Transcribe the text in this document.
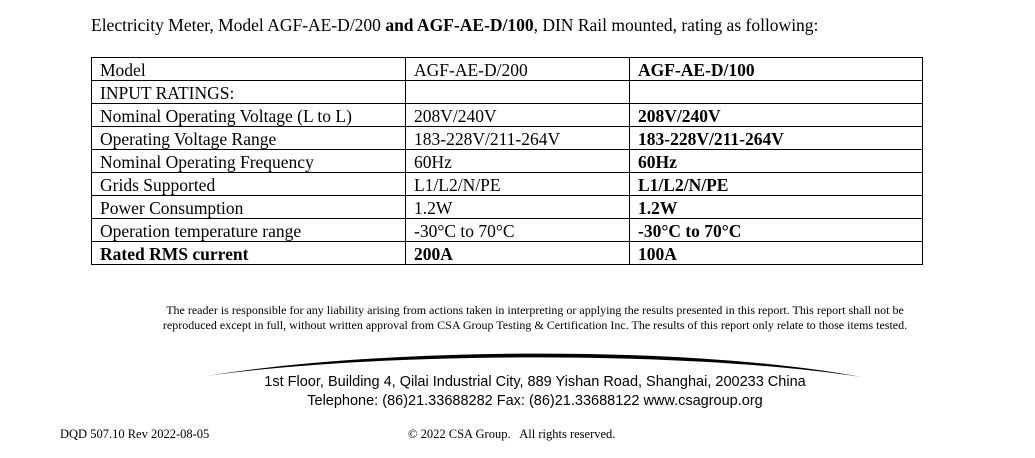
Electricity Meter, Model AGF-AE-D/200 and AGF-AE-D/100, DIN Rail mounted, rating as following:
Model	AGF-AE-D/200	AGF-AE-D/100
INPUT RATINGS:		
Nominal Operating Voltage (L to L)	208V/240V	208V/240V
Operating Voltage Range	183-228V/211-264V	183-228V/211-264V
Nominal Operating Frequency	60Hz	60Hz
Grids Supported	L1/L2/N/PE	L1/L2/N/PE
Power Consumption	1.2W	1.2W
Operation temperature range	-30°C to 70°C	-30°C to 70°C
Rated RMS current	200A	100A
The reader is responsible for any liability arising from actions taken in interpreting or applying the results presented in this report. This report shall not be
reproduced except in full, without written approval from CSA Group Testing & Certification Inc. The results of this report only relate to those items tested.
1st Floor, Building 4, Qilai Industrial City, 889 Yishan Road, Shanghai, 200233 China
Telephone: (86)21.33688282 Fax: (86)21.33688122 www.csagroup.org
DQD 507.10 Rev 2022-08-05	© 2022 CSA Group.   All rights reserved.
